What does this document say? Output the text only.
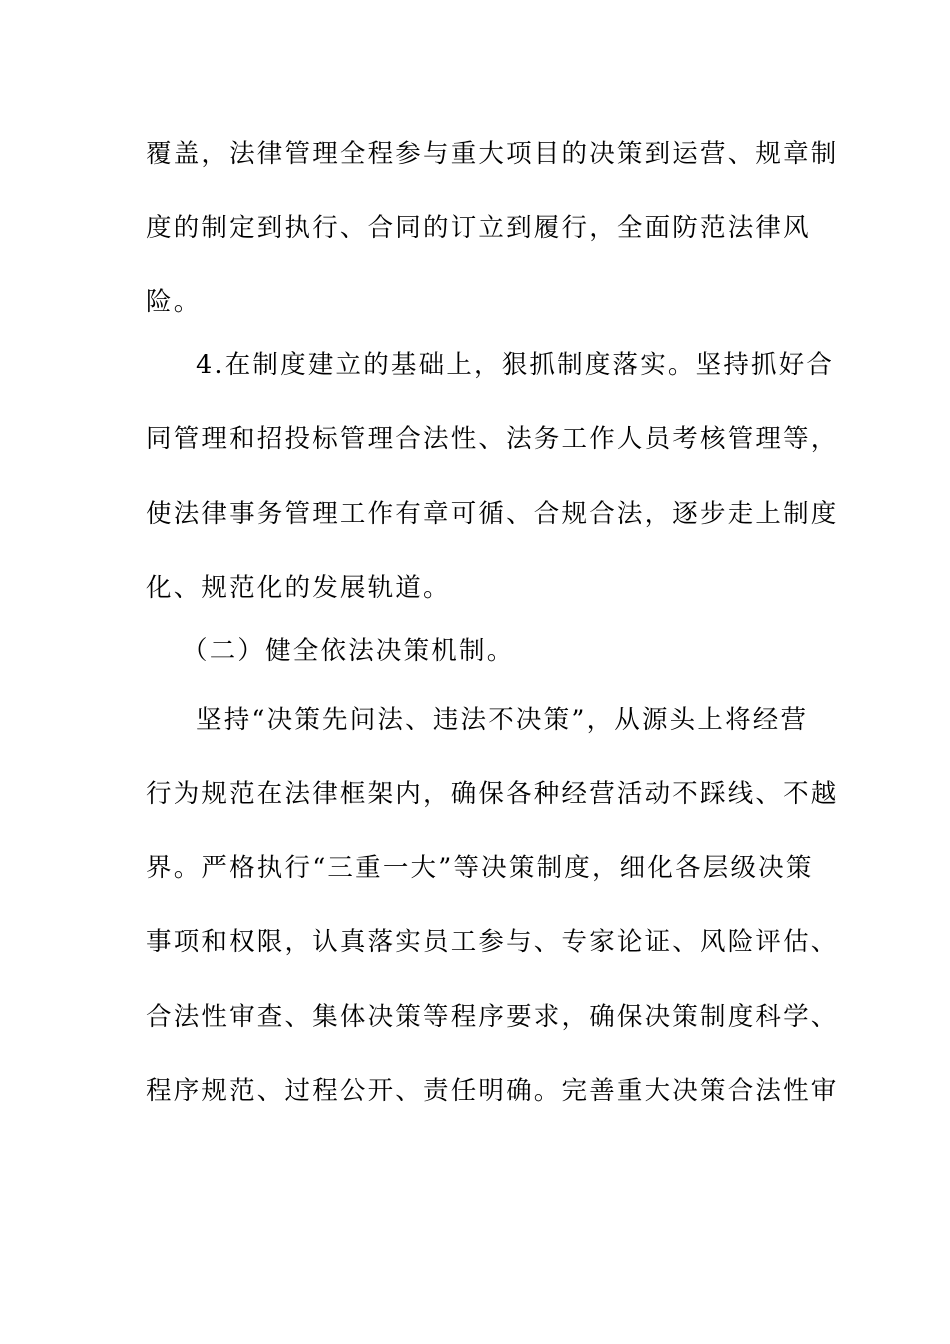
覆盖，法律管理全程参与重大项目的决策到运营、规章制
度的制定到执行、合同的订立到履行，全面防范法律风
险。
4.在制度建立的基础上，狠抓制度落实。坚持抓好合
同管理和招投标管理合法性、法务工作人员考核管理等，
使法律事务管理工作有章可循、合规合法，逐步走上制度
化、规范化的发展轨道。
（二）健全依法决策机制。
坚持“决策先问法、违法不决策”，从源头上将经营
行为规范在法律框架内，确保各种经营活动不踩线、不越
界。严格执行“三重一大”等决策制度，细化各层级决策
事项和权限，认真落实员工参与、专家论证、风险评估、
合法性审查、集体决策等程序要求，确保决策制度科学、
程序规范、过程公开、责任明确。完善重大决策合法性审
